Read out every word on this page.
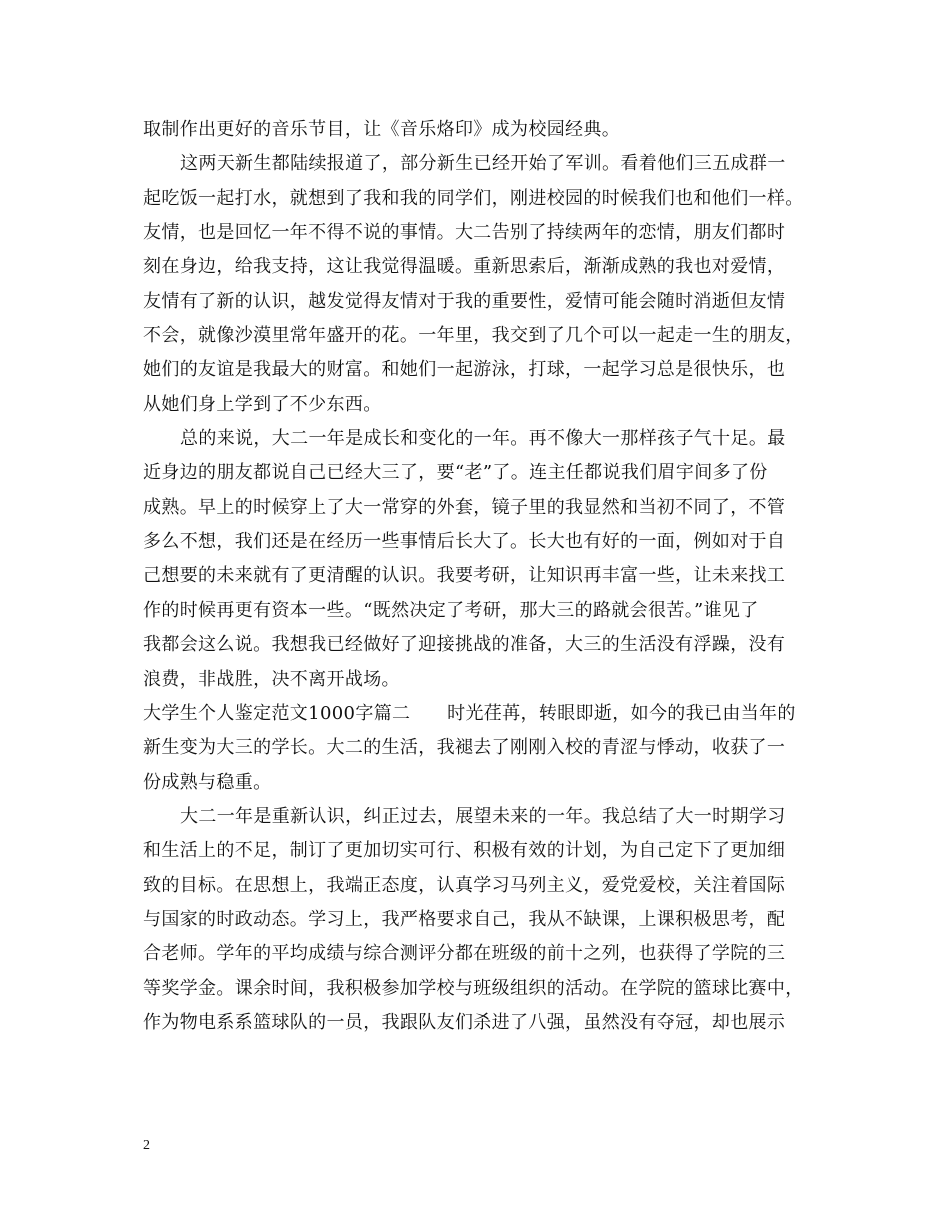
取制作出更好的音乐节目，让《音乐烙印》成为校园经典。
这两天新生都陆续报道了，部分新生已经开始了军训。看着他们三五成群一
起吃饭一起打水，就想到了我和我的同学们，刚进校园的时候我们也和他们一样。
友情，也是回忆一年不得不说的事情。大二告别了持续两年的恋情，朋友们都时
刻在身边，给我支持，这让我觉得温暖。重新思索后，渐渐成熟的我也对爱情，
友情有了新的认识，越发觉得友情对于我的重要性，爱情可能会随时消逝但友情
不会，就像沙漠里常年盛开的花。一年里，我交到了几个可以一起走一生的朋友，
她们的友谊是我最大的财富。和她们一起游泳，打球，一起学习总是很快乐，也
从她们身上学到了不少东西。
总的来说，大二一年是成长和变化的一年。再不像大一那样孩子气十足。最
近身边的朋友都说自己已经大三了，要“老”了。连主任都说我们眉宇间多了份
成熟。早上的时候穿上了大一常穿的外套，镜子里的我显然和当初不同了，不管
多么不想，我们还是在经历一些事情后长大了。长大也有好的一面，例如对于自
己想要的未来就有了更清醒的认识。我要考研，让知识再丰富一些，让未来找工
作的时候再更有资本一些。“既然决定了考研，那大三的路就会很苦。”谁见了
我都会这么说。我想我已经做好了迎接挑战的准备，大三的生活没有浮躁，没有
浪费，非战胜，决不离开战场。
大学生个人鉴定范文1000字篇二　　时光荏苒，转眼即逝，如今的我已由当年的
新生变为大三的学长。大二的生活，我褪去了刚刚入校的青涩与悸动，收获了一
份成熟与稳重。
大二一年是重新认识，纠正过去，展望未来的一年。我总结了大一时期学习
和生活上的不足，制订了更加切实可行、积极有效的计划，为自己定下了更加细
致的目标。在思想上，我端正态度，认真学习马列主义，爱党爱校，关注着国际
与国家的时政动态。学习上，我严格要求自己，我从不缺课，上课积极思考，配
合老师。学年的平均成绩与综合测评分都在班级的前十之列，也获得了学院的三
等奖学金。课余时间，我积极参加学校与班级组织的活动。在学院的篮球比赛中，
作为物电系系篮球队的一员，我跟队友们杀进了八强，虽然没有夺冠，却也展示
2
